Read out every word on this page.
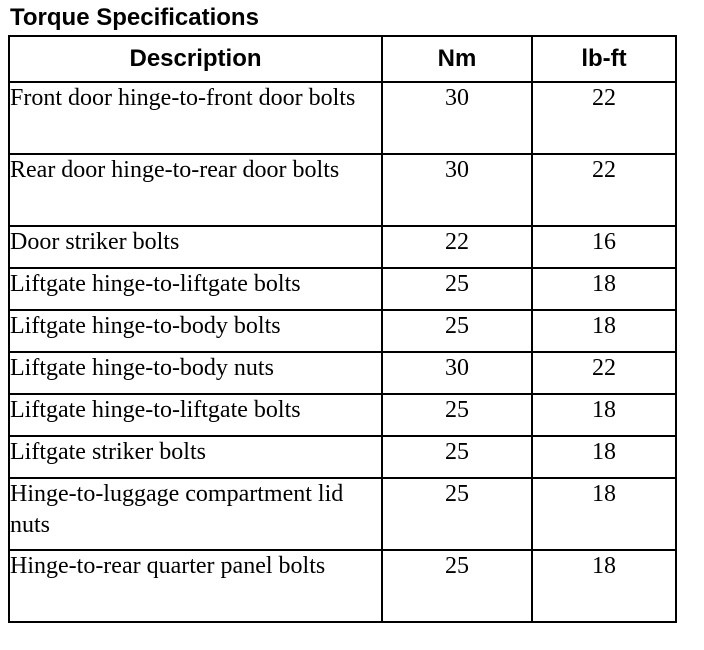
Torque Specifications
Description	Nm	lb-ft
Front door hinge-to-front door bolts	30	22
Rear door hinge-to-rear door bolts	30	22
Door striker bolts	22	16
Liftgate hinge-to-liftgate bolts	25	18
Liftgate hinge-to-body bolts	25	18
Liftgate hinge-to-body nuts	30	22
Liftgate hinge-to-liftgate bolts	25	18
Liftgate striker bolts	25	18
Hinge-to-luggage compartment lid nuts	25	18
Hinge-to-rear quarter panel bolts	25	18
